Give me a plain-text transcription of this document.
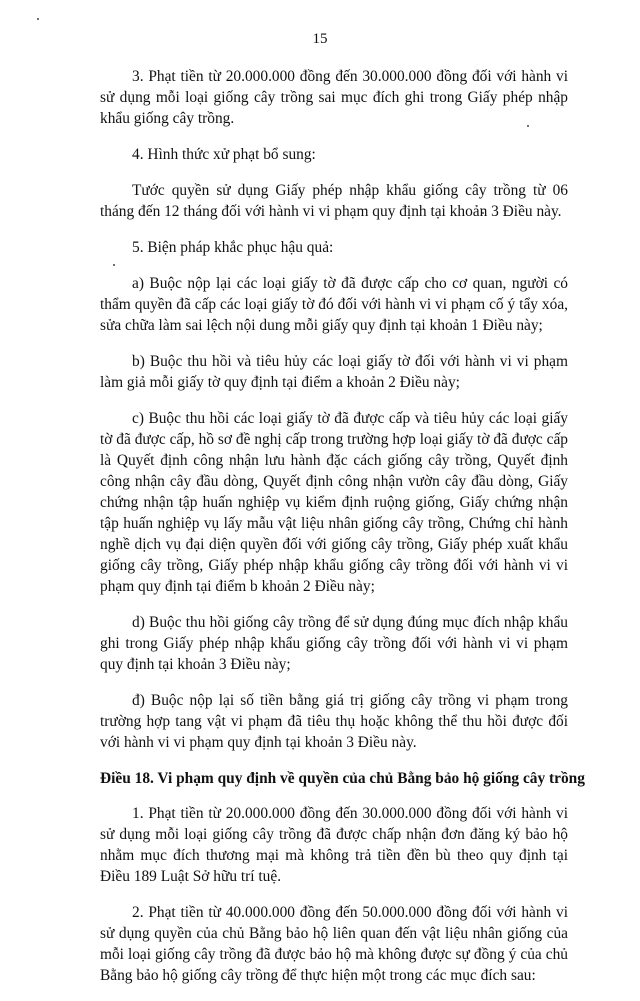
15

3. Phạt tiền từ 20.000.000 đồng đến 30.000.000 đồng đối với hành vi sử dụng mỗi loại giống cây trồng sai mục đích ghi trong Giấy phép nhập khẩu giống cây trồng.

4. Hình thức xử phạt bổ sung:

Tước quyền sử dụng Giấy phép nhập khẩu giống cây trồng từ 06 tháng đến 12 tháng đối với hành vi vi phạm quy định tại khoản 3 Điều này.

5. Biện pháp khắc phục hậu quả:

a) Buộc nộp lại các loại giấy tờ đã được cấp cho cơ quan, người có thẩm quyền đã cấp các loại giấy tờ đó đối với hành vi vi phạm cố ý tẩy xóa, sửa chữa làm sai lệch nội dung mỗi giấy quy định tại khoản 1 Điều này;

b) Buộc thu hồi và tiêu hủy các loại giấy tờ đối với hành vi vi phạm làm giả mỗi giấy tờ quy định tại điểm a khoản 2 Điều này;

c) Buộc thu hồi các loại giấy tờ đã được cấp và tiêu hủy các loại giấy tờ đã được cấp, hồ sơ đề nghị cấp trong trường hợp loại giấy tờ đã được cấp là Quyết định công nhận lưu hành đặc cách giống cây trồng, Quyết định công nhận cây đầu dòng, Quyết định công nhận vườn cây đầu dòng, Giấy chứng nhận tập huấn nghiệp vụ kiểm định ruộng giống, Giấy chứng nhận tập huấn nghiệp vụ lấy mẫu vật liệu nhân giống cây trồng, Chứng chỉ hành nghề dịch vụ đại diện quyền đối với giống cây trồng, Giấy phép xuất khẩu giống cây trồng, Giấy phép nhập khẩu giống cây trồng đối với hành vi vi phạm quy định tại điểm b khoản 2 Điều này;

d) Buộc thu hồi giống cây trồng để sử dụng đúng mục đích nhập khẩu ghi trong Giấy phép nhập khẩu giống cây trồng đối với hành vi vi phạm quy định tại khoản 3 Điều này;

đ) Buộc nộp lại số tiền bằng giá trị giống cây trồng vi phạm trong trường hợp tang vật vi phạm đã tiêu thụ hoặc không thể thu hồi được đối với hành vi vi phạm quy định tại khoản 3 Điều này.

Điều 18. Vi phạm quy định về quyền của chủ Bằng bảo hộ giống cây trồng

1. Phạt tiền từ 20.000.000 đồng đến 30.000.000 đồng đối với hành vi sử dụng mỗi loại giống cây trồng đã được chấp nhận đơn đăng ký bảo hộ nhằm mục đích thương mại mà không trả tiền đền bù theo quy định tại Điều 189 Luật Sở hữu trí tuệ.

2. Phạt tiền từ 40.000.000 đồng đến 50.000.000 đồng đối với hành vi sử dụng quyền của chủ Bằng bảo hộ liên quan đến vật liệu nhân giống của mỗi loại giống cây trồng đã được bảo hộ mà không được sự đồng ý của chủ Bằng bảo hộ giống cây trồng để thực hiện một trong các mục đích sau:
